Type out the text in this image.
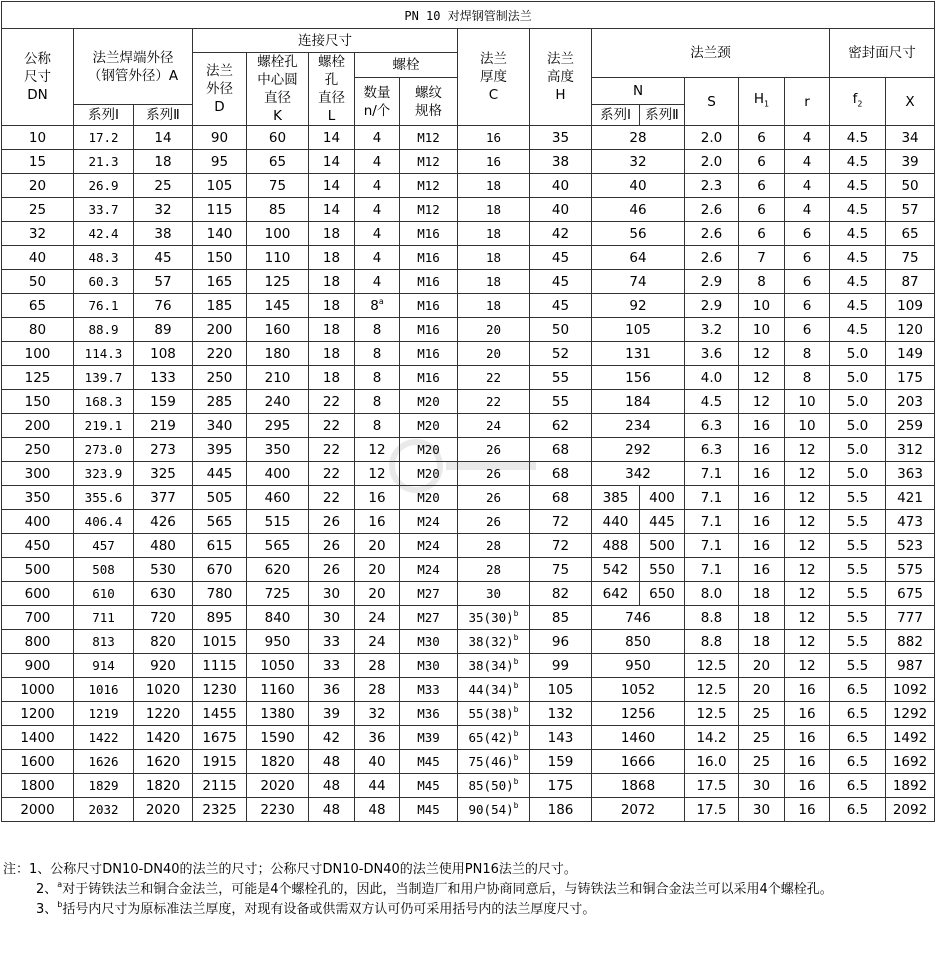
PN 10 对焊钢管制法兰																
公称
尺寸
DN	法兰焊端外径
（钢管外径）A		连接尺寸					法兰
厚度
C	法兰
高度
H	法兰颈					密封面尺寸	
			法兰
外径
D	螺栓孔
中心圆
直径
K	螺栓
孔
直径
L	螺栓										
						数量
n/个	螺纹
规格			N		S	$H_1$	r	$f_2$	X
	系列Ⅰ	系列Ⅱ								系列Ⅰ	系列Ⅱ					
10	17.2	14	90	60	14	4	M12	16	35	28		2.0	6	4	4.5	34
15	21.3	18	95	65	14	4	M12	16	38	32		2.0	6	4	4.5	39
20	26.9	25	105	75	14	4	M12	18	40	40		2.3	6	4	4.5	50
25	33.7	32	115	85	14	4	M12	18	40	46		2.6	6	4	4.5	57
32	42.4	38	140	100	18	4	M16	18	42	56		2.6	6	6	4.5	65
40	48.3	45	150	110	18	4	M16	18	45	64		2.6	7	6	4.5	75
50	60.3	57	165	125	18	4	M16	18	45	74		2.9	8	6	4.5	87
65	76.1	76	185	145	18	8$^a$	M16	18	45	92		2.9	10	6	4.5	109
80	88.9	89	200	160	18	8	M16	20	50	105		3.2	10	6	4.5	120
100	114.3	108	220	180	18	8	M16	20	52	131		3.6	12	8	5.0	149
125	139.7	133	250	210	18	8	M16	22	55	156		4.0	12	8	5.0	175
150	168.3	159	285	240	22	8	M20	22	55	184		4.5	12	10	5.0	203
200	219.1	219	340	295	22	8	M20	24	62	234		6.3	16	10	5.0	259
250	273.0	273	395	350	22	12	M20	26	68	292		6.3	16	12	5.0	312
300	323.9	325	445	400	22	12	M20	26	68	342		7.1	16	12	5.0	363
350	355.6	377	505	460	22	16	M20	26	68	385	400	7.1	16	12	5.5	421
400	406.4	426	565	515	26	16	M24	26	72	440	445	7.1	16	12	5.5	473
450	457	480	615	565	26	20	M24	28	72	488	500	7.1	16	12	5.5	523
500	508	530	670	620	26	20	M24	28	75	542	550	7.1	16	12	5.5	575
600	610	630	780	725	30	20	M27	30	82	642	650	8.0	18	12	5.5	675
700	711	720	895	840	30	24	M27	$35(30)^b$	85	746		8.8	18	12	5.5	777
800	813	820	1015	950	33	24	M30	$38(32)^b$	96	850		8.8	18	12	5.5	882
900	914	920	1115	1050	33	28	M30	$38(34)^b$	99	950		12.5	20	12	5.5	987
1000	1016	1020	1230	1160	36	28	M33	$44(34)^b$	105	1052		12.5	20	16	6.5	1092
1200	1219	1220	1455	1380	39	32	M36	$55(38)^b$	132	1256		12.5	25	16	6.5	1292
1400	1422	1420	1675	1590	42	36	M39	$65(42)^b$	143	1460		14.2	25	16	6.5	1492
1600	1626	1620	1915	1820	48	40	M45	$75(46)^b$	159	1666		16.0	25	16	6.5	1692
1800	1829	1820	2115	2020	48	44	M45	$85(50)^b$	175	1868		17.5	30	16	6.5	1892
2000	2032	2020	2325	2230	48	48	M45	$90(54)^b$	186	2072		17.5	30	16	6.5	2092

注：1、公称尺寸DN10-DN40的法兰的尺寸；公称尺寸DN10-DN40的法兰使用PN16法兰的尺寸。

2、$^a$对于铸铁法兰和铜合金法兰，可能是4个螺栓孔的，因此，当制造厂和用户协商同意后，与铸铁法兰和铜合金法兰可以采用4个螺栓孔。

3、$^b$括号内尺寸为原标准法兰厚度，对现有设备或供需双方认可仍可采用括号内的法兰厚度尺寸。
